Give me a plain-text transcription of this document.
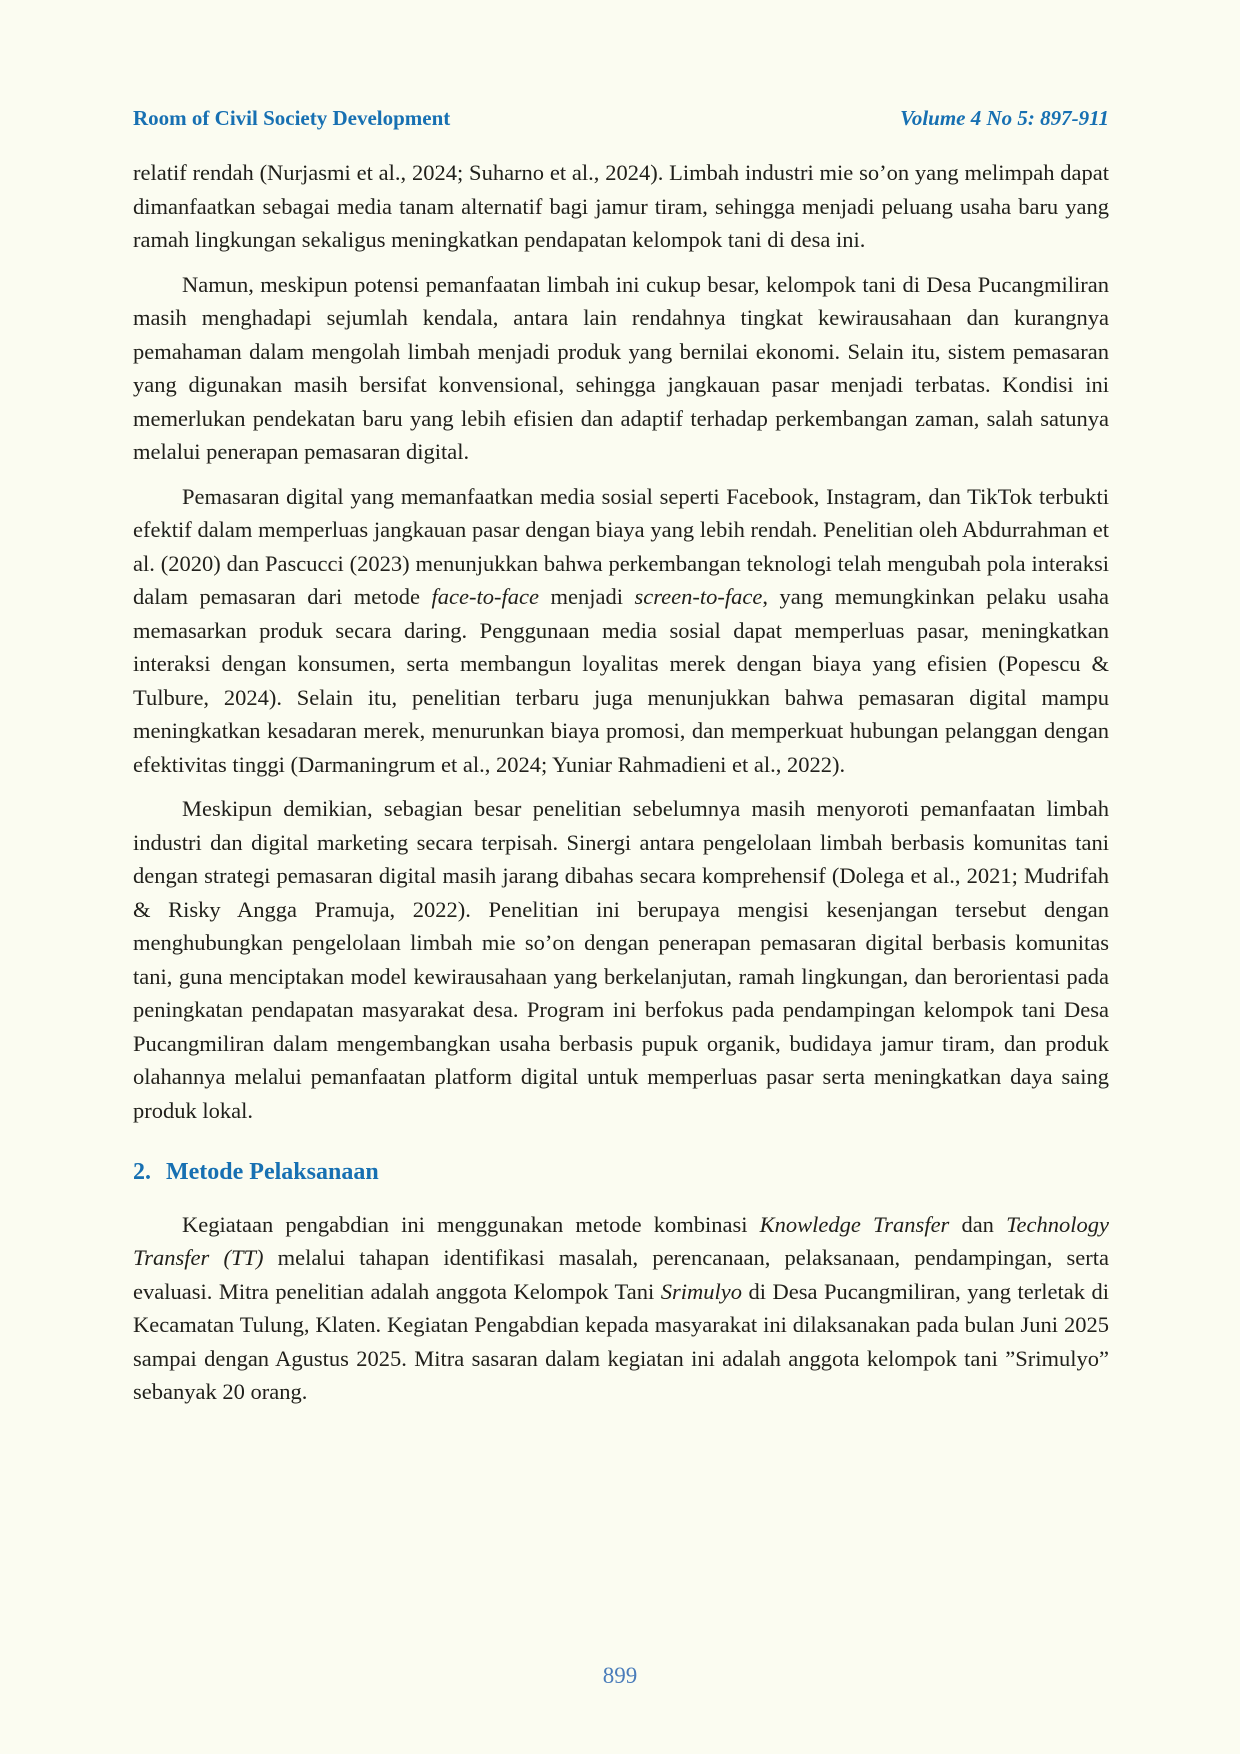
Room of Civil Society Development	Volume 4 No 5: 897-911

relatif rendah (Nurjasmi et al., 2024; Suharno et al., 2024). Limbah industri mie so’on yang melimpah dapat dimanfaatkan sebagai media tanam alternatif bagi jamur tiram, sehingga menjadi peluang usaha baru yang ramah lingkungan sekaligus meningkatkan pendapatan kelompok tani di desa ini.

Namun, meskipun potensi pemanfaatan limbah ini cukup besar, kelompok tani di Desa Pucangmiliran masih menghadapi sejumlah kendala, antara lain rendahnya tingkat kewirausahaan dan kurangnya pemahaman dalam mengolah limbah menjadi produk yang bernilai ekonomi. Selain itu, sistem pemasaran yang digunakan masih bersifat konvensional, sehingga jangkauan pasar menjadi terbatas. Kondisi ini memerlukan pendekatan baru yang lebih efisien dan adaptif terhadap perkembangan zaman, salah satunya melalui penerapan pemasaran digital.

Pemasaran digital yang memanfaatkan media sosial seperti Facebook, Instagram, dan TikTok terbukti efektif dalam memperluas jangkauan pasar dengan biaya yang lebih rendah. Penelitian oleh Abdurrahman et al. (2020) dan Pascucci (2023) menunjukkan bahwa perkembangan teknologi telah mengubah pola interaksi dalam pemasaran dari metode face-to-face menjadi screen-to-face, yang memungkinkan pelaku usaha memasarkan produk secara daring. Penggunaan media sosial dapat memperluas pasar, meningkatkan interaksi dengan konsumen, serta membangun loyalitas merek dengan biaya yang efisien (Popescu & Tulbure, 2024). Selain itu, penelitian terbaru juga menunjukkan bahwa pemasaran digital mampu meningkatkan kesadaran merek, menurunkan biaya promosi, dan memperkuat hubungan pelanggan dengan efektivitas tinggi (Darmaningrum et al., 2024; Yuniar Rahmadieni et al., 2022).

Meskipun demikian, sebagian besar penelitian sebelumnya masih menyoroti pemanfaatan limbah industri dan digital marketing secara terpisah. Sinergi antara pengelolaan limbah berbasis komunitas tani dengan strategi pemasaran digital masih jarang dibahas secara komprehensif (Dolega et al., 2021; Mudrifah & Risky Angga Pramuja, 2022). Penelitian ini berupaya mengisi kesenjangan tersebut dengan menghubungkan pengelolaan limbah mie so’on dengan penerapan pemasaran digital berbasis komunitas tani, guna menciptakan model kewirausahaan yang berkelanjutan, ramah lingkungan, dan berorientasi pada peningkatan pendapatan masyarakat desa. Program ini berfokus pada pendampingan kelompok tani Desa Pucangmiliran dalam mengembangkan usaha berbasis pupuk organik, budidaya jamur tiram, dan produk olahannya melalui pemanfaatan platform digital untuk memperluas pasar serta meningkatkan daya saing produk lokal.

2. Metode Pelaksanaan

Kegiataan pengabdian ini menggunakan metode kombinasi Knowledge Transfer dan Technology Transfer (TT) melalui tahapan identifikasi masalah, perencanaan, pelaksanaan, pendampingan, serta evaluasi. Mitra penelitian adalah anggota Kelompok Tani Srimulyo di Desa Pucangmiliran, yang terletak di Kecamatan Tulung, Klaten. Kegiatan Pengabdian kepada masyarakat ini dilaksanakan pada bulan Juni 2025 sampai dengan Agustus 2025. Mitra sasaran dalam kegiatan ini adalah anggota kelompok tani ”Srimulyo” sebanyak 20 orang.

899
